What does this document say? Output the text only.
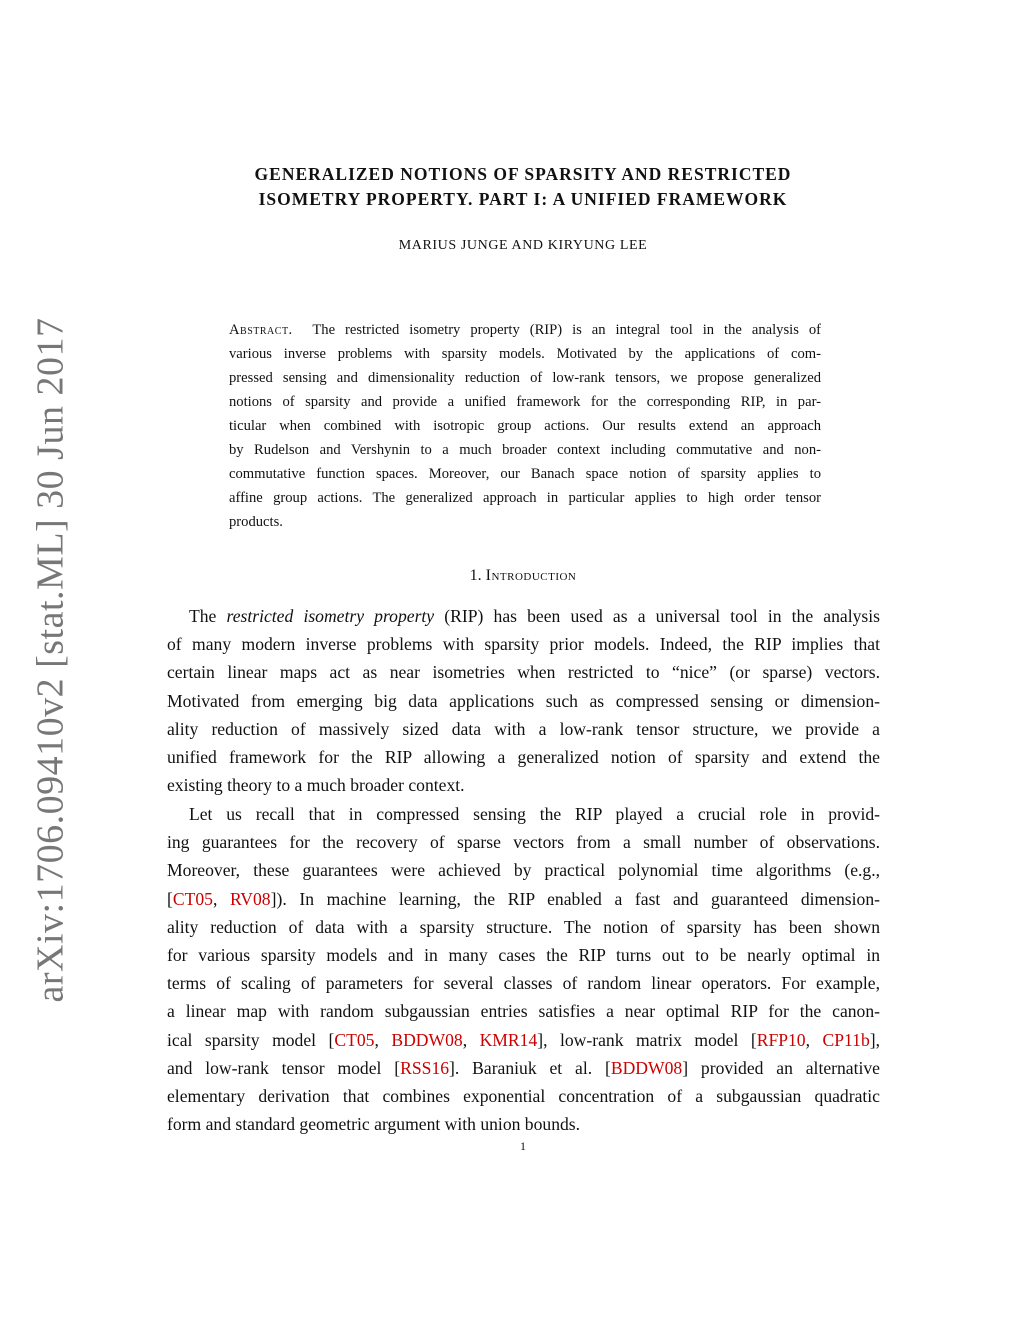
arXiv:1706.09410v2 [stat.ML] 30 Jun 2017
GENERALIZED NOTIONS OF SPARSITY AND RESTRICTED
ISOMETRY PROPERTY. PART I: A UNIFIED FRAMEWORK
MARIUS JUNGE AND KIRYUNG LEE
Abstract. The restricted isometry property (RIP) is an integral tool in the analysis of
various inverse problems with sparsity models. Motivated by the applications of com-
pressed sensing and dimensionality reduction of low-rank tensors, we propose generalized
notions of sparsity and provide a unified framework for the corresponding RIP, in par-
ticular when combined with isotropic group actions. Our results extend an approach
by Rudelson and Vershynin to a much broader context including commutative and non-
commutative function spaces. Moreover, our Banach space notion of sparsity applies to
affine group actions. The generalized approach in particular applies to high order tensor
products.
1. Introduction
The restricted isometry property (RIP) has been used as a universal tool in the analysis
of many modern inverse problems with sparsity prior models. Indeed, the RIP implies that
certain linear maps act as near isometries when restricted to “nice” (or sparse) vectors.
Motivated from emerging big data applications such as compressed sensing or dimension-
ality reduction of massively sized data with a low-rank tensor structure, we provide a
unified framework for the RIP allowing a generalized notion of sparsity and extend the
existing theory to a much broader context.
Let us recall that in compressed sensing the RIP played a crucial role in provid-
ing guarantees for the recovery of sparse vectors from a small number of observations.
Moreover, these guarantees were achieved by practical polynomial time algorithms (e.g.,
[CT05, RV08]). In machine learning, the RIP enabled a fast and guaranteed dimension-
ality reduction of data with a sparsity structure. The notion of sparsity has been shown
for various sparsity models and in many cases the RIP turns out to be nearly optimal in
terms of scaling of parameters for several classes of random linear operators. For example,
a linear map with random subgaussian entries satisfies a near optimal RIP for the canon-
ical sparsity model [CT05, BDDW08, KMR14], low-rank matrix model [RFP10, CP11b],
and low-rank tensor model [RSS16]. Baraniuk et al. [BDDW08] provided an alternative
elementary derivation that combines exponential concentration of a subgaussian quadratic
form and standard geometric argument with union bounds.
1
